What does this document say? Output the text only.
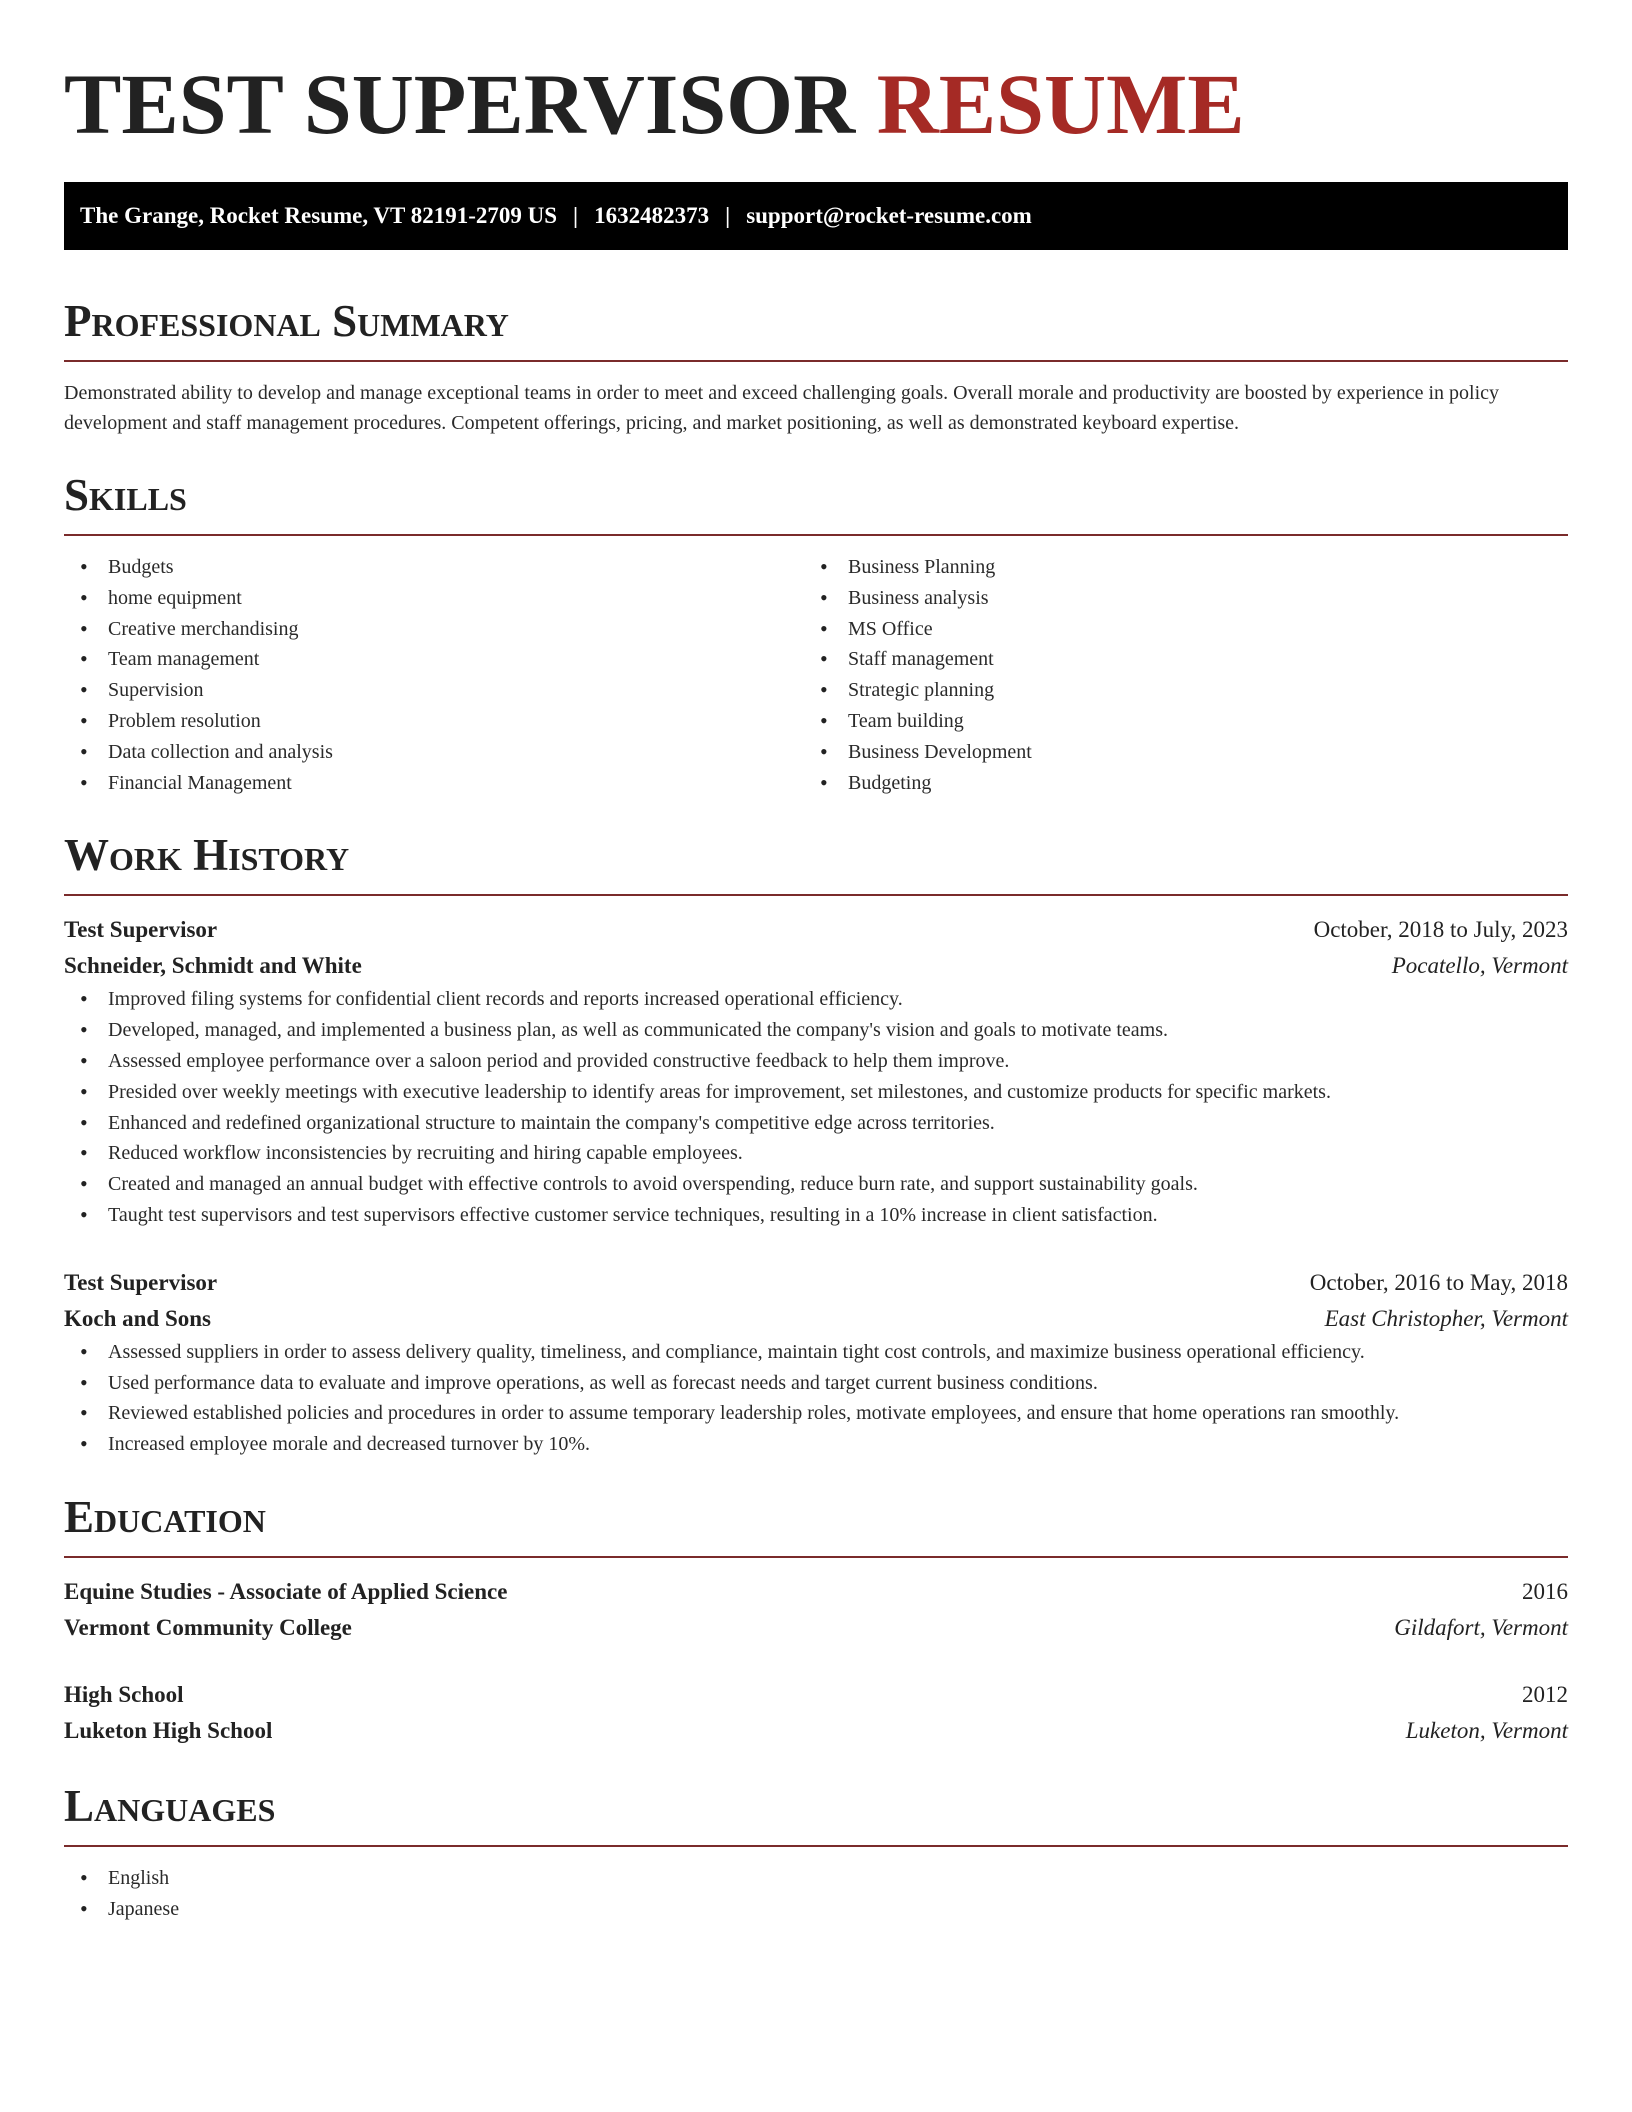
TEST SUPERVISOR RESUME
The Grange, Rocket Resume, VT 82191-2709 US | 1632482373 | support@rocket-resume.com
Professional Summary
Demonstrated ability to develop and manage exceptional teams in order to meet and exceed challenging goals. Overall morale and productivity are boosted by experience in policy development and staff management procedures. Competent offerings, pricing, and market positioning, as well as demonstrated keyboard expertise.
Skills
• Budgets
• home equipment
• Creative merchandising
• Team management
• Supervision
• Problem resolution
• Data collection and analysis
• Financial Management
• Business Planning
• Business analysis
• MS Office
• Staff management
• Strategic planning
• Team building
• Business Development
• Budgeting
Work History
Test Supervisor	October, 2018 to July, 2023
Schneider, Schmidt and White	Pocatello, Vermont
• Improved filing systems for confidential client records and reports increased operational efficiency.
• Developed, managed, and implemented a business plan, as well as communicated the company's vision and goals to motivate teams.
• Assessed employee performance over a saloon period and provided constructive feedback to help them improve.
• Presided over weekly meetings with executive leadership to identify areas for improvement, set milestones, and customize products for specific markets.
• Enhanced and redefined organizational structure to maintain the company's competitive edge across territories.
• Reduced workflow inconsistencies by recruiting and hiring capable employees.
• Created and managed an annual budget with effective controls to avoid overspending, reduce burn rate, and support sustainability goals.
• Taught test supervisors and test supervisors effective customer service techniques, resulting in a 10% increase in client satisfaction.
Test Supervisor	October, 2016 to May, 2018
Koch and Sons	East Christopher, Vermont
• Assessed suppliers in order to assess delivery quality, timeliness, and compliance, maintain tight cost controls, and maximize business operational efficiency.
• Used performance data to evaluate and improve operations, as well as forecast needs and target current business conditions.
• Reviewed established policies and procedures in order to assume temporary leadership roles, motivate employees, and ensure that home operations ran smoothly.
• Increased employee morale and decreased turnover by 10%.
Education
Equine Studies - Associate of Applied Science	2016
Vermont Community College	Gildafort, Vermont
High School	2012
Luketon High School	Luketon, Vermont
Languages
• English
• Japanese
